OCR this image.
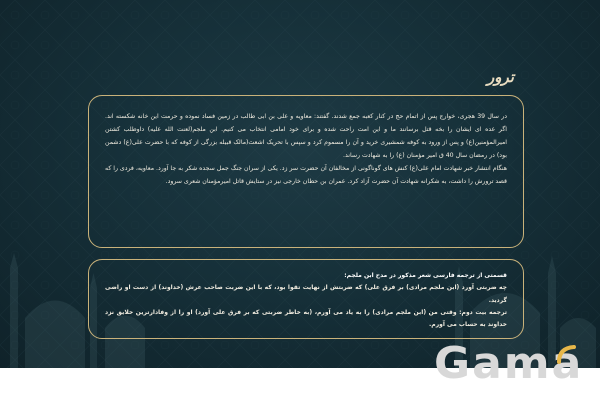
ترور

در سال 39 هجری، خوارج پس از اتمام حج در کنار کعبه جمع شدند. گفتند: معاویه و علی بن ابی طالب در زمین فساد نموده و حرمت این خانه شکسته اند. اگر عده ای ایشان را بخه قتل برسانند ما و این امت راحت شده و برای خود امامی انتخاب می کنیم. ابن ملجم(لعنت الله علیه) داوطلب کشتن امیرالمؤمنین(ع) و پس از ورود به کوفه شمشیری خرید و آن را مسموم کرد و سپس با تحریک اشعث(مالک قبیله بزرگی از کوفه که با حضرت علی(ع) دشمن بود) در رمضان سال 40 ق امیر مؤمنان (ع) را به شهادت رساند.

هنگام انتشار خبر شهادت امام علی(ع) کنش های گوناگونی از مخالفان آن حضرت سر زد. یکی از سران جنگ جمل سجده شکر به جا آورد. معاویه، فردی را که قصد ترورش را داشت، به شکرانه شهادت آن حضرت آزاد کرد. عمران بن حطان خارجی نیز در ستایش قاتل امیرمؤمنان شعری سرود.

قسمتی از ترجمه فارسی شعر مذکور در مدح ابن ملجم:

چه ضربتی آورد (ابن ملجم مرادی) بر فرق علی) که ضربتش از نهایت تقوا بود، که با این ضربت صاحب عرش (خداوند) از دست او راضی گردید.

ترجمه بیت دوم: وقتی من (ابن ملجم مرادی) را به یاد می آورم، (به خاطر ضربتی که بر فرق علی آورد) او را از وفادارترین خلایق نزد خداوند به حساب می آورم.

Gama
